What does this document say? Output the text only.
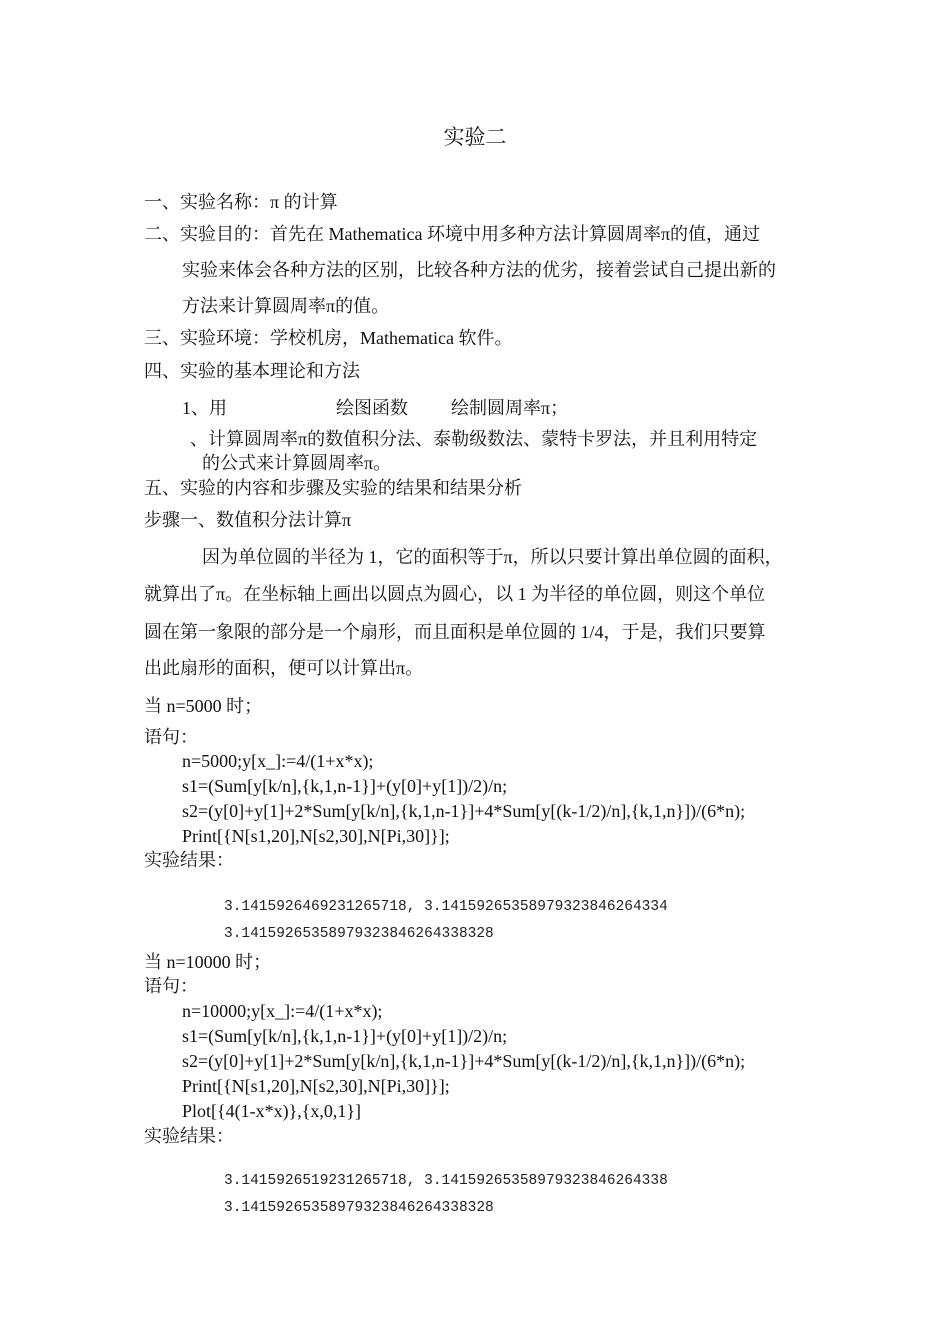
实验二
一、实验名称：π 的计算
二、实验目的：首先在 Mathematica 环境中用多种方法计算圆周率π的值，通过
实验来体会各种方法的区别，比较各种方法的优劣，接着尝试自己提出新的
方法来计算圆周率π的值。
三、实验环境：学校机房，Mathematica 软件。
四、实验的基本理论和方法
1、用	绘图函数 绘制圆周率π；
、计算圆周率π的数值积分法、泰勒级数法、蒙特卡罗法，并且利用特定
的公式来计算圆周率π。
五、实验的内容和步骤及实验的结果和结果分析
步骤一、数值积分法计算π
因为单位圆的半径为 1，它的面积等于π，所以只要计算出单位圆的面积，
就算出了π。在坐标轴上画出以圆点为圆心，以 1 为半径的单位圆，则这个单位
圆在第一象限的部分是一个扇形，而且面积是单位圆的 1/4，于是，我们只要算
出此扇形的面积，便可以计算出π。
当 n=5000 时；
语句：
n=5000;y[x_]:=4/(1+x*x);
s1=(Sum[y[k/n],{k,1,n-1}]+(y[0]+y[1])/2)/n;
s2=(y[0]+y[1]+2*Sum[y[k/n],{k,1,n-1}]+4*Sum[y[(k-1/2)/n],{k,1,n}])/(6*n);
Print[{N[s1,20],N[s2,30],N[Pi,30]}];
实验结果：
3.1415926469231265718, 3.14159265358979323846264334
3.14159265358979323846264338328
当 n=10000 时；
语句：
n=10000;y[x_]:=4/(1+x*x);
s1=(Sum[y[k/n],{k,1,n-1}]+(y[0]+y[1])/2)/n;
s2=(y[0]+y[1]+2*Sum[y[k/n],{k,1,n-1}]+4*Sum[y[(k-1/2)/n],{k,1,n}])/(6*n);
Print[{N[s1,20],N[s2,30],N[Pi,30]}];
Plot[{4(1-x*x)},{x,0,1}]
实验结果：
3.1415926519231265718, 3.14159265358979323846264338
3.14159265358979323846264338328
